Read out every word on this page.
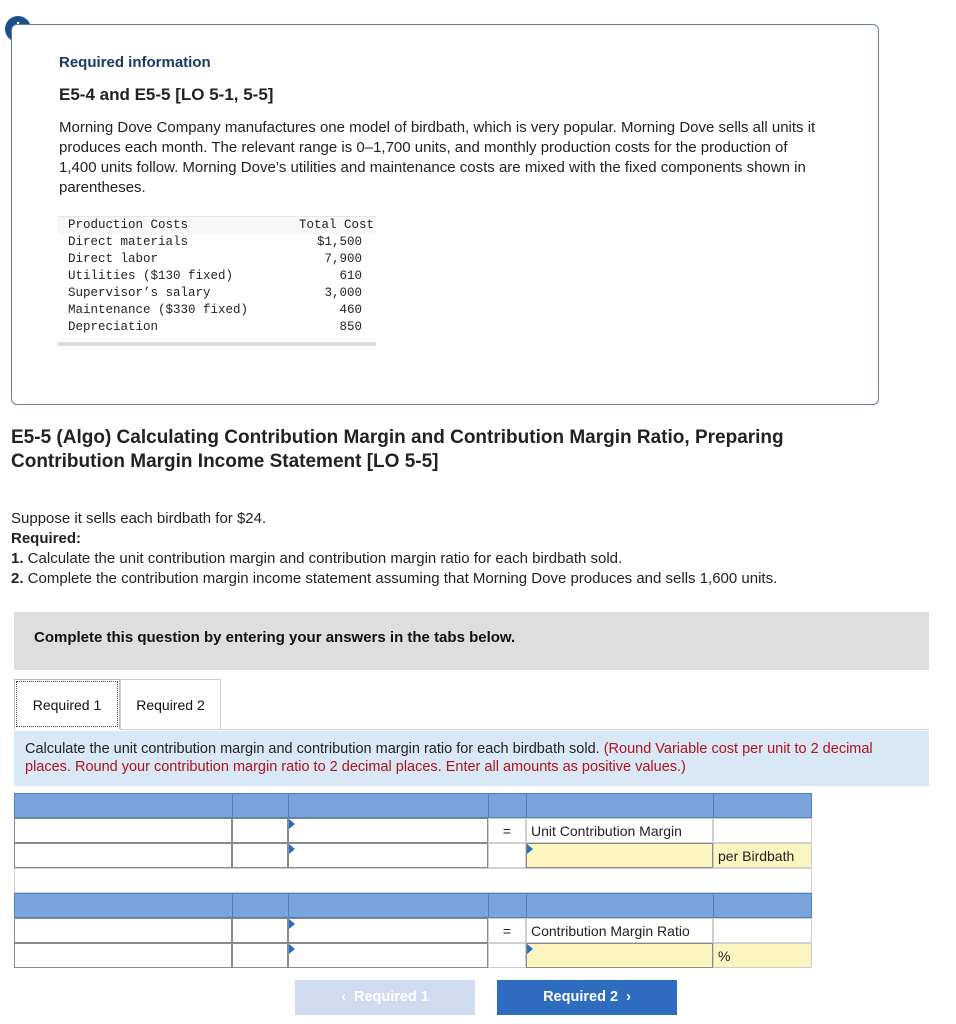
Required information
E5-4 and E5-5 [LO 5-1, 5-5]
Morning Dove Company manufactures one model of birdbath, which is very popular. Morning Dove sells all units it produces each month. The relevant range is 0–1,700 units, and monthly production costs for the production of 1,400 units follow. Morning Dove’s utilities and maintenance costs are mixed with the fixed components shown in parentheses.
Production Costs	Total Cost
Direct materials	$1,500
Direct labor	7,900
Utilities ($130 fixed)	610
Supervisor’s salary	3,000
Maintenance ($330 fixed)	460
Depreciation	850

E5-5 (Algo) Calculating Contribution Margin and Contribution Margin Ratio, Preparing Contribution Margin Income Statement [LO 5-5]
Suppose it sells each birdbath for $24.
Required:
1. Calculate the unit contribution margin and contribution margin ratio for each birdbath sold.
2. Complete the contribution margin income statement assuming that Morning Dove produces and sells 1,600 units.
Complete this question by entering your answers in the tabs below.
Required 1	Required 2
Calculate the unit contribution margin and contribution margin ratio for each birdbath sold. (Round Variable cost per unit to 2 decimal places. Round your contribution margin ratio to 2 decimal places. Enter all amounts as positive values.)
=	Unit Contribution Margin
per Birdbath
=	Contribution Margin Ratio
%
‹  Required 1	Required 2  ›
